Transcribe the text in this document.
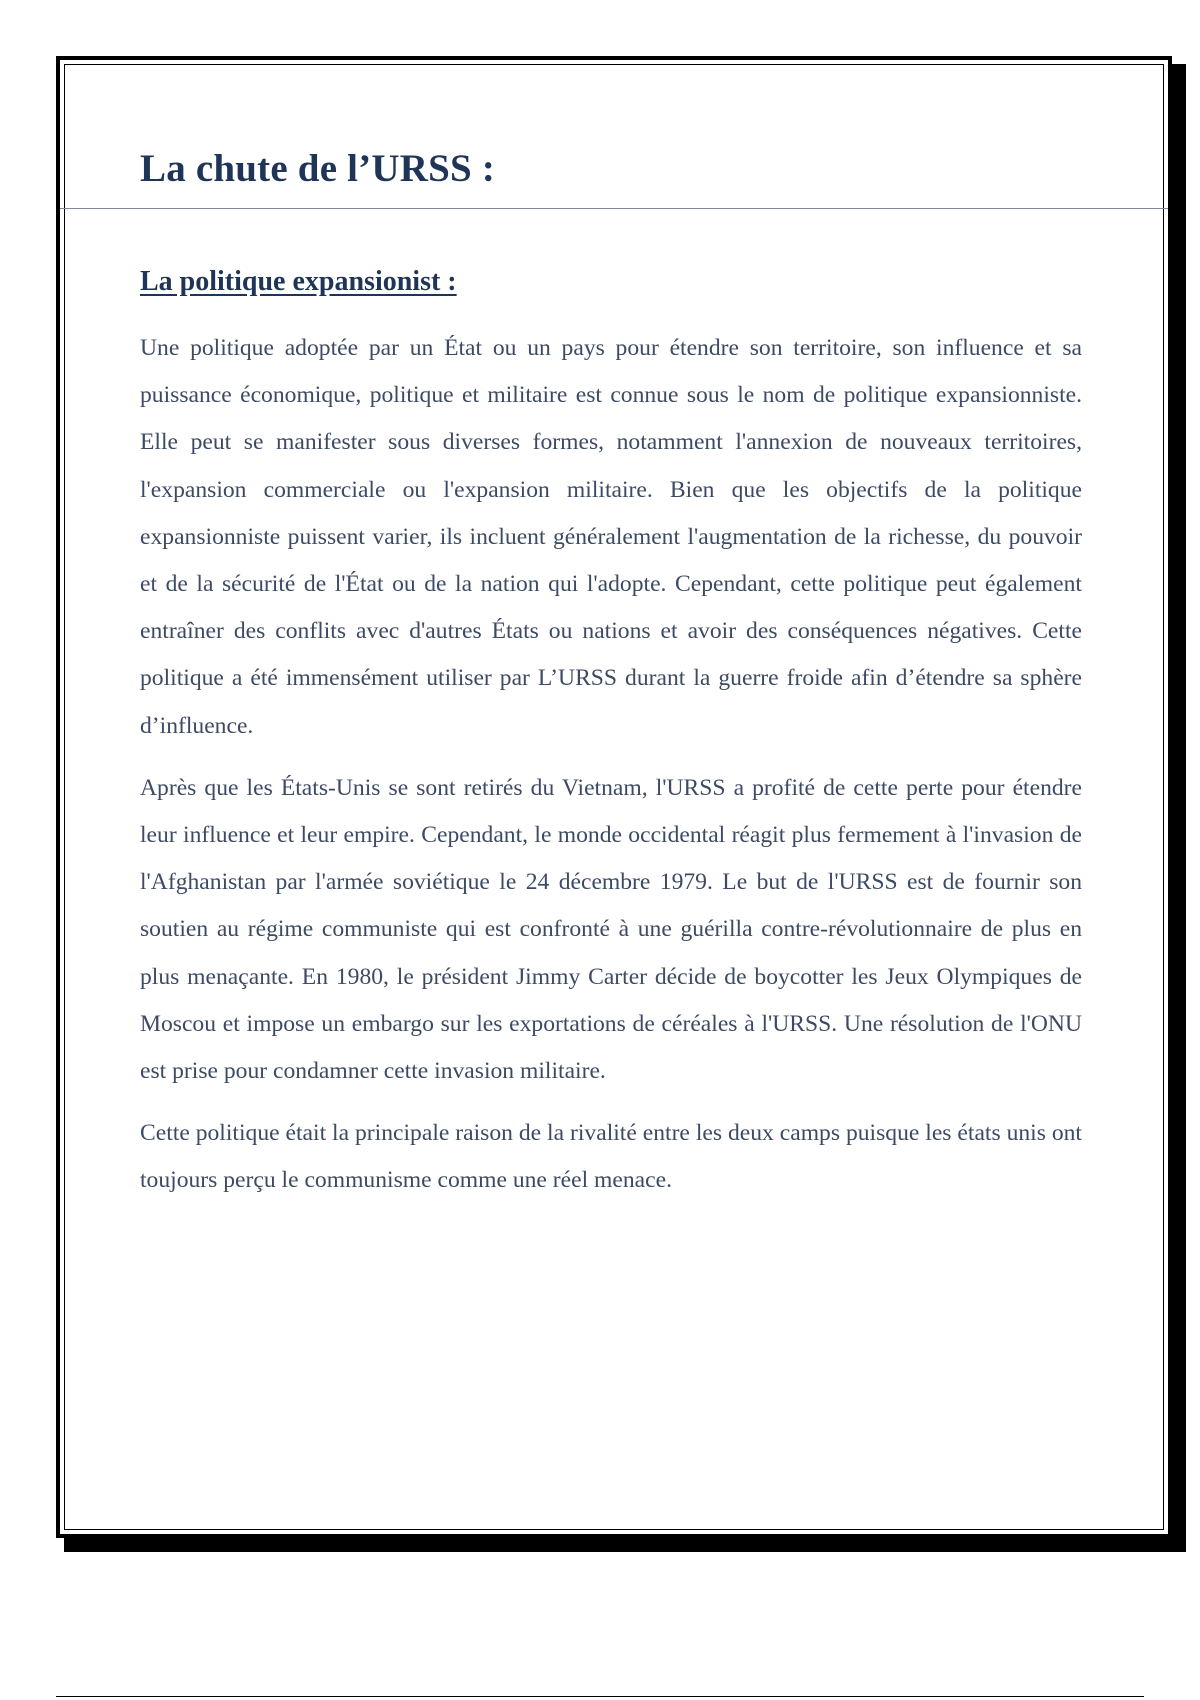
La chute de l’URSS :
La politique expansionist :

Une politique adoptée par un État ou un pays pour étendre son territoire, son influence et sa puissance économique, politique et militaire est connue sous le nom de politique expansionniste. Elle peut se manifester sous diverses formes, notamment l'annexion de nouveaux territoires, l'expansion commerciale ou l'expansion militaire. Bien que les objectifs de la politique expansionniste puissent varier, ils incluent généralement l'augmentation de la richesse, du pouvoir et de la sécurité de l'État ou de la nation qui l'adopte. Cependant, cette politique peut également entraîner des conflits avec d'autres États ou nations et avoir des conséquences négatives. Cette politique a été immensément utiliser par L’URSS durant la guerre froide afin d’étendre sa sphère d’influence.

Après que les États-Unis se sont retirés du Vietnam, l'URSS a profité de cette perte pour étendre leur influence et leur empire. Cependant, le monde occidental réagit plus fermement à l'invasion de l'Afghanistan par l'armée soviétique le 24 décembre 1979. Le but de l'URSS est de fournir son soutien au régime communiste qui est confronté à une guérilla contre-révolutionnaire de plus en plus menaçante. En 1980, le président Jimmy Carter décide de boycotter les Jeux Olympiques de Moscou et impose un embargo sur les exportations de céréales à l'URSS. Une résolution de l'ONU est prise pour condamner cette invasion militaire.

Cette politique était la principale raison de la rivalité entre les deux camps puisque les états unis ont toujours perçu le communisme comme une réel menace.
